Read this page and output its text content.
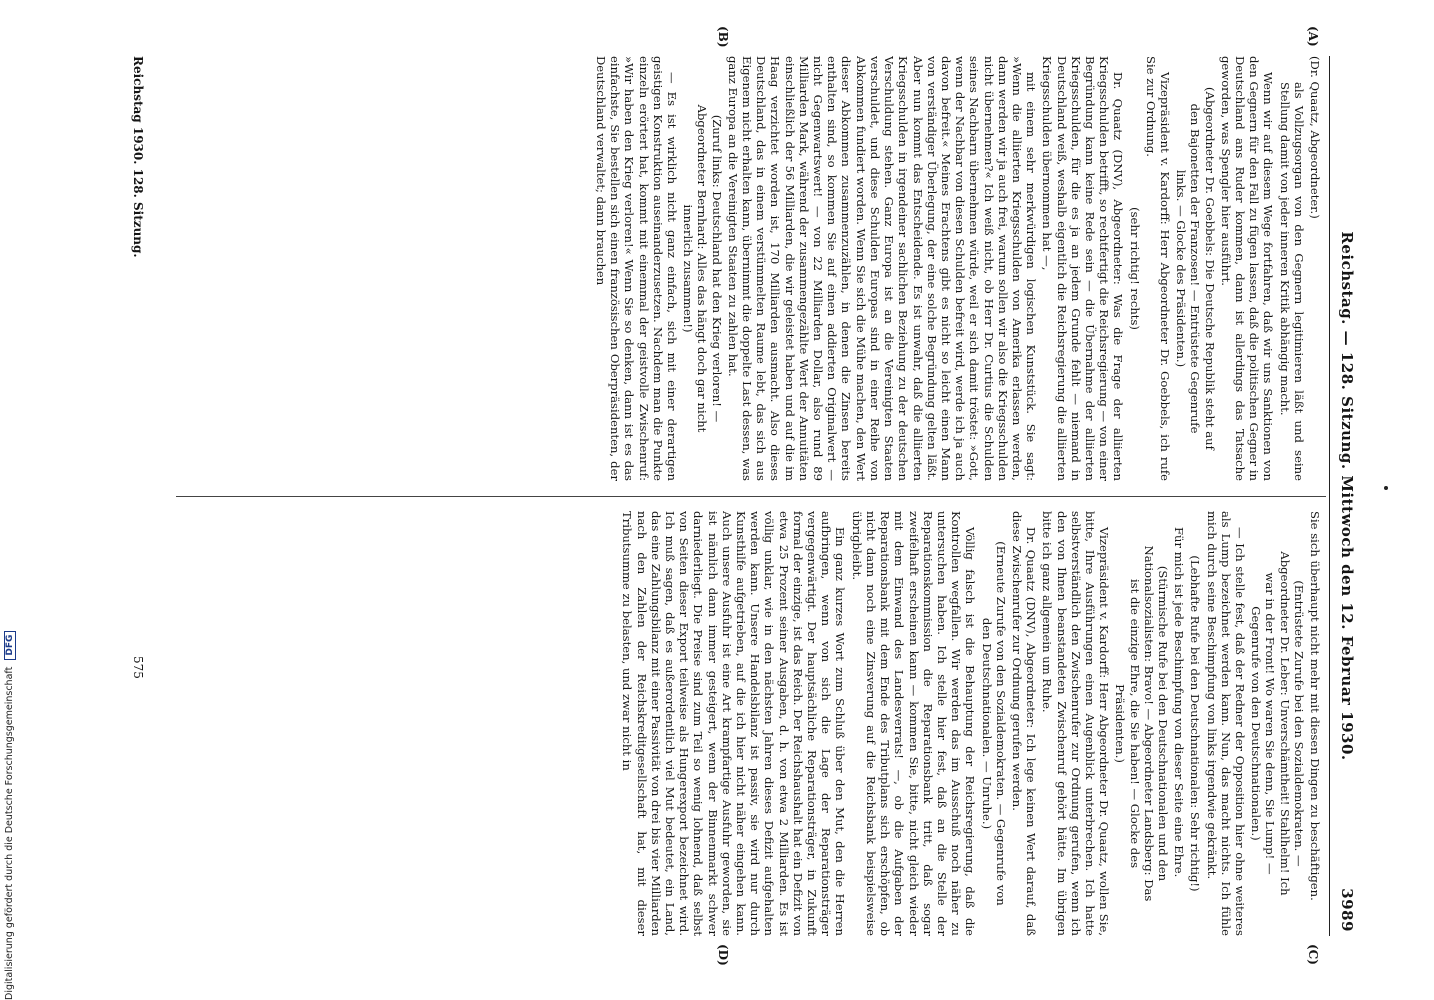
Reichstag. — 128. Sitzung. Mittwoch den 12. Februar 1930.
3989
(A)
(B)
(C)
(D)

(Dr. Quaatz, Abgeordneter.)

als Vollzugsorgan von den Gegnern legitimieren läßt und seine Stellung damit von jeder inneren Kritik abhängig macht.

Wenn wir auf diesem Wege fortfahren, daß wir uns Sanktionen von den Gegnern für den Fall zu fügen lassen, daß die politischen Gegner in Deutschland ans Ruder kommen, dann ist allerdings das Tatsache geworden, was Spengler hier ausführt.

(Abgeordneter Dr. Goebbels: Die Deutsche Republik steht auf den Bajonetten der Franzosen! — Entrüstete Gegenrufe links. — Glocke des Präsidenten.)

Vizepräsident v. Kardorff: Herr Abgeordneter Dr. Goebbels, ich rufe Sie zur Ordnung.

(sehr richtig! rechts)

Dr. Quaatz (DNV), Abgeordneter: Was die Frage der alliierten Kriegsschulden betrifft, so rechtfertigt die Reichsregierung — von einer Begründung kann keine Rede sein — die Übernahme der alliierten Kriegsschulden, für die es ja an jedem Grunde fehlt — niemand in Deutschland weiß, weshalb eigentlich die Reichsregierung die alliierten Kriegsschulden übernommen hat —,

mit einem sehr merkwürdigen logischen Kunststück. Sie sagt: »Wenn die alliierten Kriegsschulden von Amerika erlassen werden, dann werden wir ja auch frei, warum sollen wir also die Kriegsschulden nicht übernehmen?« Ich weiß nicht, ob Herr Dr. Curtius die Schulden seines Nachbarn übernehmen würde, weil er sich damit tröstet: »Gott, wenn der Nachbar von diesen Schulden befreit wird, werde ich ja auch davon befreit.« Meines Erachtens gibt es nicht so leicht einen Mann von verständiger Überlegung, der eine solche Begründung gelten läßt. Aber nun kommt das Entscheidende. Es ist unwahr, daß die alliierten Kriegsschulden in irgendeiner sachlichen Beziehung zu der deutschen Verschuldung stehen. Ganz Europa ist an die Vereinigten Staaten verschuldet, und diese Schulden Europas sind in einer Reihe von Abkommen fundiert worden. Wenn Sie sich die Mühe machen, den Wert dieser Abkommen zusammenzuzählen, in denen die Zinsen bereits enthalten sind, so kommen Sie auf einen addierten Originalwert — nicht Gegenwartswert! — von 22 Milliarden Dollar, also rund 89 Milliarden Mark, während der zusammengezählte Wert der Annuitäten einschließlich der 56 Milliarden, die wir geleistet haben und auf die im Haag verzichtet worden ist, 170 Milliarden ausmacht. Also dieses Deutschland, das in einem verstümmelten Raume lebt, das sich aus Eigenem nicht erhalten kann, übernimmt die doppelte Last dessen, was ganz Europa an die Vereinigten Staaten zu zahlen hat.

(Zuruf links: Deutschland hat den Krieg verloren! — Abgeordneter Bernhard: Alles das hängt doch gar nicht innerlich zusammen!)

— Es ist wirklich nicht ganz einfach, sich mit einer derartigen geistigen Konstruktion auseinanderzusetzen. Nachdem man die Punkte einzeln erörtert hat, kommt mit einemmal der geistvolle Zwischenruf: »Wir haben den Krieg verloren!« Wenn Sie so denken, dann ist es das einfachste, Sie bestellen sich einen französischen Oberpräsidenten, der Deutschland verwaltet; dann brauchen

Sie sich überhaupt nicht mehr mit diesen Dingen zu beschäftigen.

(Entrüstete Zurufe bei den Sozialdemokraten. — Abgeordneter Dr. Leber: Unverschämtheit! Stahlhelm! Ich war in der Front! Wo waren Sie denn, Sie Lump! — Gegenrufe von den Deutschnationalen.)

— Ich stelle fest, daß der Redner der Opposition hier ohne weiteres als Lump bezeichnet werden kann. Nun, das macht nichts. Ich fühle mich durch seine Beschimpfung von links irgendwie gekränkt.

(Lebhafte Rufe bei den Deutschnationalen: Sehr richtig!)

Für mich ist jede Beschimpfung von dieser Seite eine Ehre.

(Stürmische Rufe bei den Deutschnationalen und den Nationalsozialisten: Bravo! — Abgeordneter Landsberg: Das ist die einzige Ehre, die Sie haben! — Glocke des Präsidenten.)

Vizepräsident v. Kardorff: Herr Abgeordneter Dr. Quaatz, wollen Sie, bitte, Ihre Ausführungen einen Augenblick unterbrechen. Ich hatte selbstverständlich den Zwischenrufer zur Ordnung gerufen, wenn ich den von Ihnen beanstandeten Zwischenruf gehört hätte. Im übrigen bitte ich ganz allgemein um Ruhe.

Dr. Quaatz (DNV), Abgeordneter: Ich lege keinen Wert darauf, daß diese Zwischenrufer zur Ordnung gerufen werden.

(Erneute Zurufe von den Sozialdemokraten. — Gegenrufe von den Deutschnationalen. — Unruhe.)

Völlig falsch ist die Behauptung der Reichsregierung, daß die Kontrollen wegfallen. Wir werden das im Ausschuß noch näher zu untersuchen haben. Ich stelle hier fest, daß an die Stelle der Reparationskommission die Reparationsbank tritt, daß sogar zweifelhaft erscheinen kann — kommen Sie, bitte, nicht gleich wieder mit dem Einwand des Landesverrats! —, ob die Aufgaben der Reparationsbank mit dem Ende des Tributplans sich erschöpfen, ob nicht dann noch eine Zinsverung auf die Reichsbank beispielsweise übrigbleibt.

Ein ganz kurzes Wort zum Schluß über den Mut, den die Herren aufbringen, wenn von sich die Lage der Reparationsträger vergegenwärtigt. Der hauptsächliche Reparationsträger, in Zukunft formal der einzige, ist das Reich. Der Reichshaushalt hat ein Defizit von etwa 25 Prozent seiner Ausgaben, d. h. von etwa 2 Milliarden. Es ist völlig unklar, wie in den nächsten Jahren dieses Defizit aufgehalten werden kann. Unsere Handelsbilanz ist passiv, sie wird nur durch Kunsthilfe aufgetrieben, auf die ich hier nicht näher eingehen kann. Auch unsere Ausfuhr ist eine Art krampfartige Ausfuhr geworden, sie ist nämlich dann immer gesteigert, wenn der Binnenmarkt schwer darniederliegt. Die Preise sind zum Teil so wenig lohnend, daß selbst von Seiten dieser Export teilweise als Hungerexport bezeichnet wird. Ich muß sagen, daß es außerordentlich viel Mut bedeutet, ein Land, das eine Zahlungsbilanz mit einer Passivität von drei bis vier Milliarden nach den Zahlen der Reichskreditgesellschaft hat, mit dieser Tributsumme zu belasten, und zwar nicht in

Reichstag 1930. 128. Sitzung.
575
Digitalisierung gefördert durch die Deutsche Forschungsgemeinschaft DFG
